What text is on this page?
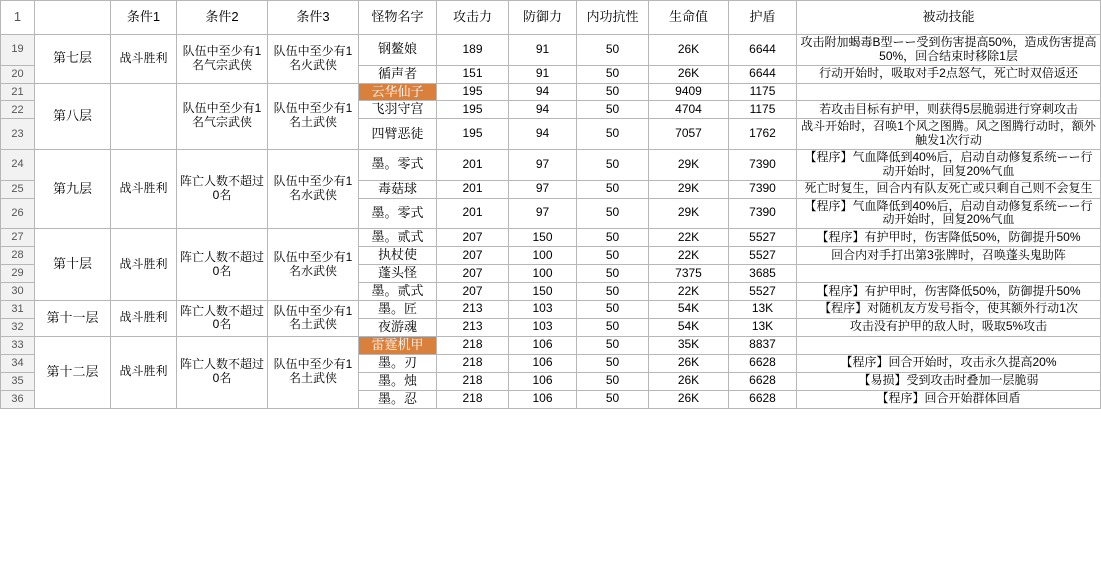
1		条件1	条件2	条件3	怪物名字	攻击力	防御力	内功抗性	生命值	护盾	被动技能
19	第七层	战斗胜利	队伍中至少有1名气宗武侠	队伍中至少有1名火武侠	钢鳌娘	189	91	50	26K	6644	攻击附加蝎毒B型ーー受到伤害提高50%，造成伤害提高50%，回合结束时移除1层
20					循声者	151	91	50	26K	6644	行动开始时，吸取对手2点怒气，死亡时双倍返还
21	第八层		队伍中至少有1名气宗武侠	队伍中至少有1名土武侠	云华仙子	195	94	50	9409	1175	
22					飞羽守宫	195	94	50	4704	1175	若攻击目标有护甲，则获得5层脆弱进行穿刺攻击
23					四臂恶徒	195	94	50	7057	1762	战斗开始时，召唤1个风之图腾。风之图腾行动时，额外触发1次行动
24	第九层	战斗胜利	阵亡人数不超过0名	队伍中至少有1名水武侠	墨。零式	201	97	50	29K	7390	【程序】气血降低到40%后，启动自动修复系统ーー行动开始时，回复20%气血
25					毒菇球	201	97	50	29K	7390	死亡时复生，回合内有队友死亡或只剩自己则不会复生
26					墨。零式	201	97	50	29K	7390	【程序】气血降低到40%后，启动自动修复系统ーー行动开始时，回复20%气血
27	第十层	战斗胜利	阵亡人数不超过0名	队伍中至少有1名水武侠	墨。贰式	207	150	50	22K	5527	【程序】有护甲时，伤害降低50%，防御提升50%
28					执杖使	207	100	50	22K	5527	回合内对手打出第3张牌时，召唤蓬头鬼助阵
29					蓬头怪	207	100	50	7375	3685	
30					墨。贰式	207	150	50	22K	5527	【程序】有护甲时，伤害降低50%，防御提升50%
31	第十一层	战斗胜利	阵亡人数不超过0名	队伍中至少有1名土武侠	墨。匠	213	103	50	54K	13K	【程序】对随机友方发号指令，使其额外行动1次
32					夜游魂	213	103	50	54K	13K	攻击没有护甲的敌人时，吸取5%攻击
33	第十二层	战斗胜利	阵亡人数不超过0名	队伍中至少有1名土武侠	雷霆机甲	218	106	50	35K	8837	
34					墨。刃	218	106	50	26K	6628	【程序】回合开始时，攻击永久提高20%
35					墨。烛	218	106	50	26K	6628	【易损】受到攻击时叠加一层脆弱
36					墨。忍	218	106	50	26K	6628	【程序】回合开始群体回盾
